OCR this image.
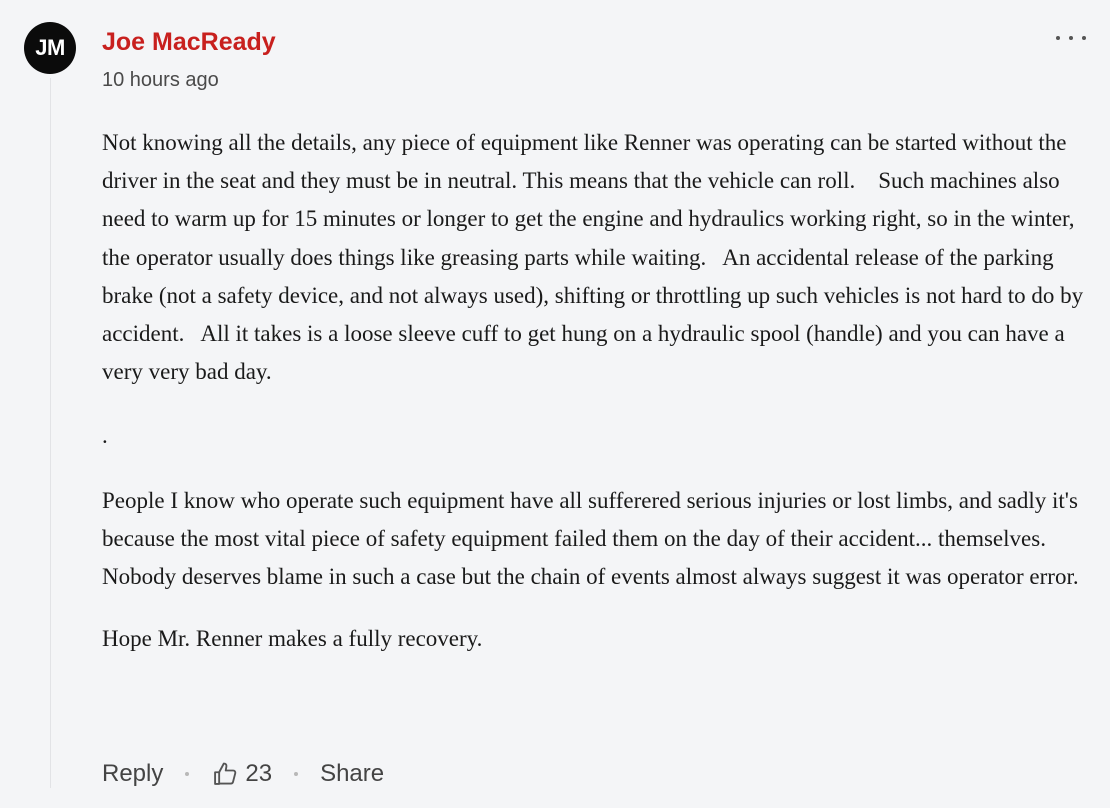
JM Joe MacReady
10 hours ago

Not knowing all the details, any piece of equipment like Renner was operating can be started without the driver in the seat and they must be in neutral. This means that the vehicle can roll.    Such machines also need to warm up for 15 minutes or longer to get the engine and hydraulics working right, so in the winter, the operator usually does things like greasing parts while waiting.   An accidental release of the parking brake (not a safety device, and not always used), shifting or throttling up such vehicles is not hard to do by accident.   All it takes is a loose sleeve cuff to get hung on a hydraulic spool (handle) and you can have a very very bad day.

.

People I know who operate such equipment have all sufferered serious injuries or lost limbs, and sadly it's because the most vital piece of safety equipment failed them on the day of their accident... themselves.    Nobody deserves blame in such a case but the chain of events almost always suggest it was operator error.

Hope Mr. Renner makes a fully recovery.

Reply	23 Share
